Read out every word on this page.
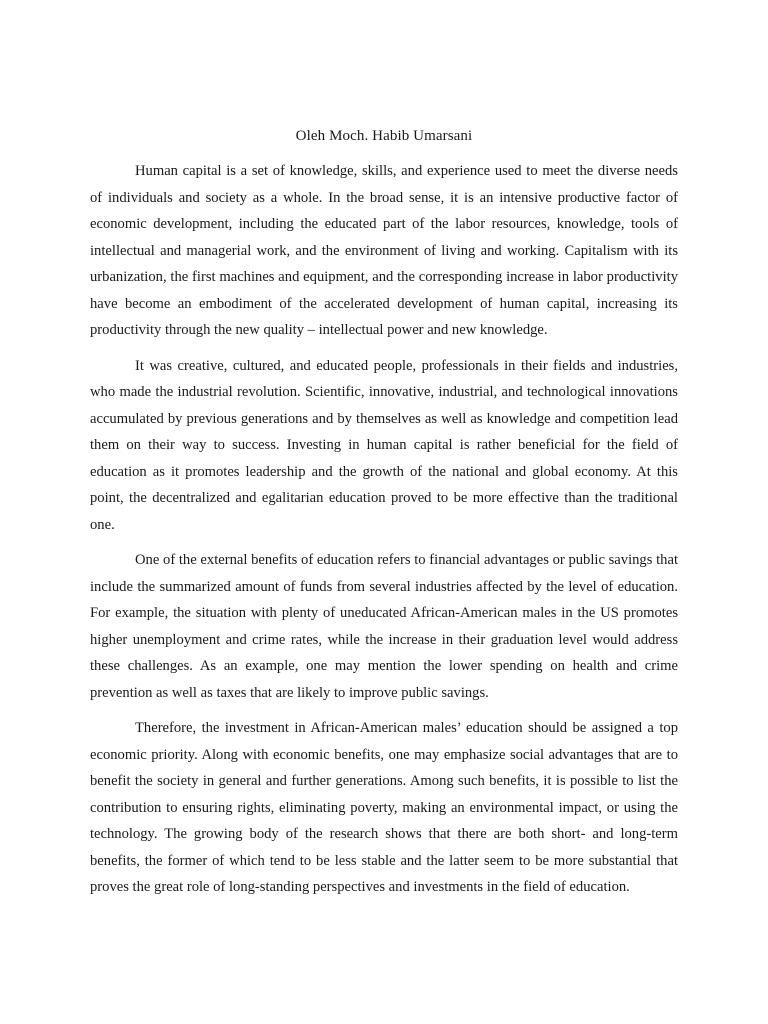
Oleh Moch. Habib Umarsani

Human capital is a set of knowledge, skills, and experience used to meet the diverse needs of individuals and society as a whole. In the broad sense, it is an intensive productive factor of economic development, including the educated part of the labor resources, knowledge, tools of intellectual and managerial work, and the environment of living and working. Capitalism with its urbanization, the first machines and equipment, and the corresponding increase in labor productivity have become an embodiment of the accelerated development of human capital, increasing its productivity through the new quality – intellectual power and new knowledge.

It was creative, cultured, and educated people, professionals in their fields and industries, who made the industrial revolution. Scientific, innovative, industrial, and technological innovations accumulated by previous generations and by themselves as well as knowledge and competition lead them on their way to success. Investing in human capital is rather beneficial for the field of education as it promotes leadership and the growth of the national and global economy. At this point, the decentralized and egalitarian education proved to be more effective than the traditional one.

One of the external benefits of education refers to financial advantages or public savings that include the summarized amount of funds from several industries affected by the level of education. For example, the situation with plenty of uneducated African-American males in the US promotes higher unemployment and crime rates, while the increase in their graduation level would address these challenges. As an example, one may mention the lower spending on health and crime prevention as well as taxes that are likely to improve public savings.

Therefore, the investment in African-American males’ education should be assigned a top economic priority. Along with economic benefits, one may emphasize social advantages that are to benefit the society in general and further generations. Among such benefits, it is possible to list the contribution to ensuring rights, eliminating poverty, making an environmental impact, or using the technology. The growing body of the research shows that there are both short- and long-term benefits, the former of which tend to be less stable and the latter seem to be more substantial that proves the great role of long-standing perspectives and investments in the field of education.
